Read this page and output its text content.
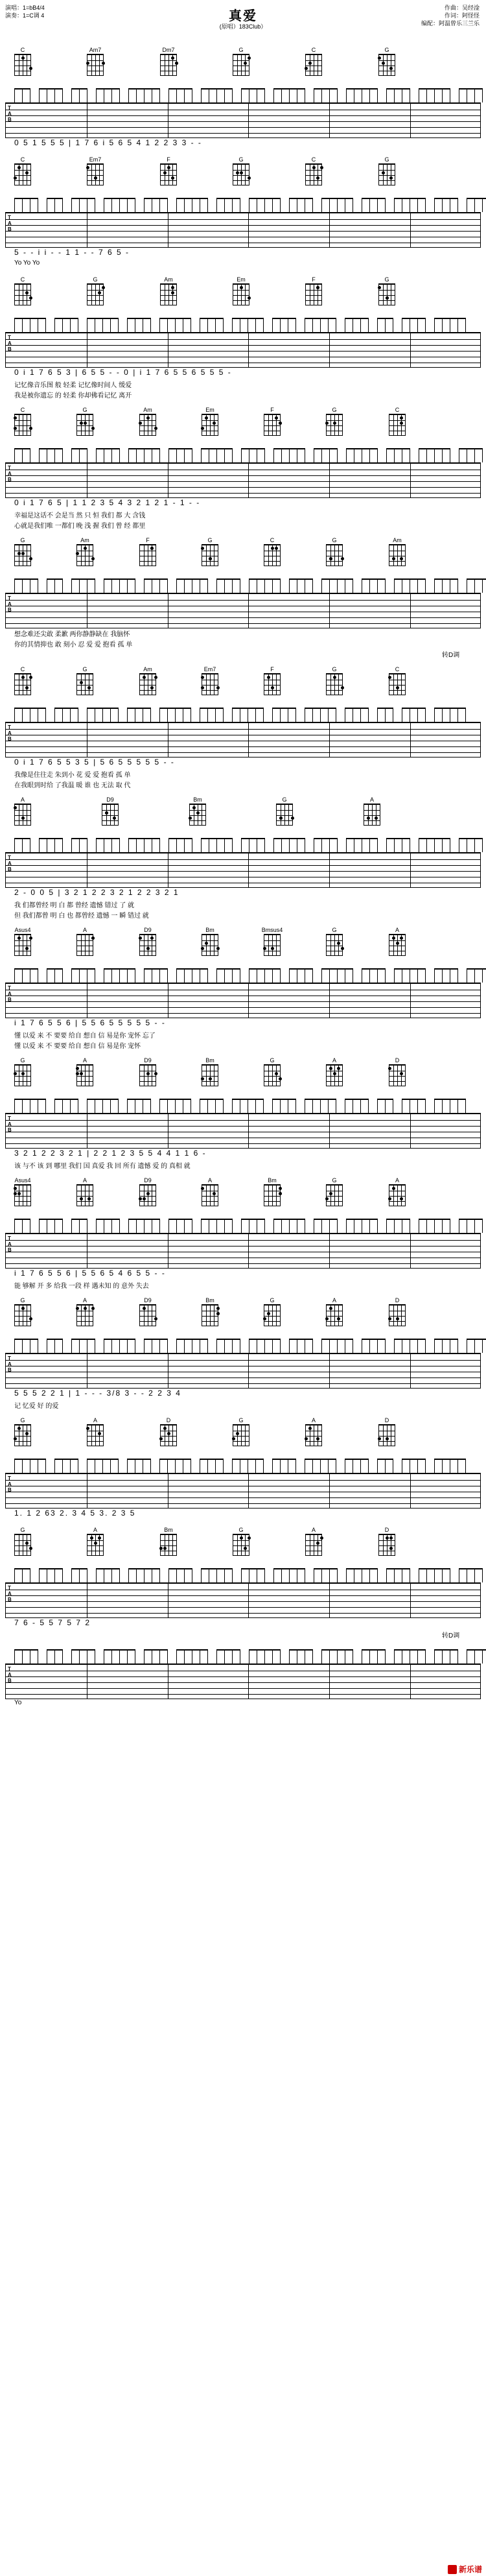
演唱：1=bB4/4
演奏：1=C调 4	真爱
(原唱）183Club）
作曲：吴经淦
作词：阿怪怪
编配：阿温曾乐三兰乐
C	Am7	Dm7	G	C	G
T
A
B
0 5 1 5 5 5 | 1 7 6 i 5 6 5 4 1 2 2 3 3 - -
C	Em7	F	G	C	G
T
A
B
5 - - i i - - 1 1 - - 7 6 5 -
Yo Yo Yo
C	G	Am	Em	F	G
T
A
B
0 i 1 7 6 5 3 | 6 5 5 - - 0 | i 1 7 6 5 5 6 5 5 5 -
记忆像音乐图 般 轻柔 记忆像时间人 缓爱
我是被你遗忘 的 轻柔 你却佛看记忆 离开
C	G	Am	Em	F	G	C
T
A
B
0 i 1 7 6 5 | 1 1 2 3 5 4 3 2 1 2 1 - 1 - -
幸福是这话不 会是当 然 只 恒 我们 都 大 含钱
心就是我们唯 一都们 晚 浅 握 我们 曾 经 都里
G	Am	F	G	C	G	Am
T
A
B
想念难还尖敢 柔歉 两你静静缺在 我脑怀
你的其情抑也 敢 刻小 忍 爱 爱 抱看 孤 单
转D调
C	G	Am	Em7	F	G	C
T
A
B
0 i 1 7 6 5 5 3 5 | 5 6 5 5 5 5 5 - -
我像是住往走 朱到小 花 爱 爱 抱看 孤 单
在我眼到时给 了我温 暖 谁 也 无法 取 代
A	D9	Bm	G	A
T
A
B
2 - 0 0 5 | 3 2 1 2 2 3 2 1 2 2 3 2 1
我 们都曾经 明 白 都 曾经 遗憾 错过 了 就
但 我们都曾 明 白 也 都曾经 遗憾 一 瞬 错过 就
Asus4	A	D9	Bm	Bmsus4	G	A
T
A
B
i 1 7 6 5 5 6 | 5 5 6 5 5 5 5 5 - -
懂 以爱 来 不 要要 给自 想自 信 易是你 宠怀 忘了
懂 以爱 来 不 要要 给自 想自 信 易是你 宠怀
G	A	D9	Bm	G	A	D
T
A
B
3 2 1 2 2 3 2 1 | 2 2 1 2 3 5 5 4 4 1 1 6 -
该 与不 该 到 哪里 我们 国 真爱 我 回 所有 遗憾 爱 的 真相 就
Asus4	A	D9	A	Bm	G	A
T
A
B
i 1 7 6 5 5 6 | 5 5 6 5 4 6 5 5 - -
能 够解 开 多 给我 一段 样 遇未知 的 意外 失去
G	A	D9	Bm	G	A	D
T
A
B
5 5 5 2 2 1 | 1 - - - 3/8 3 - - 2 2 3 4
记 忆爱 好 的爱
G	A	D	G	A	D
T
A
B
1. 1 2 63 2. 3 4 5 3. 2 3 5
G	A	Bm	G	A	D
T
A
B
7 6 - 5 5 7 5 7 2
转D调
T
A
B
Yo
新乐谱
